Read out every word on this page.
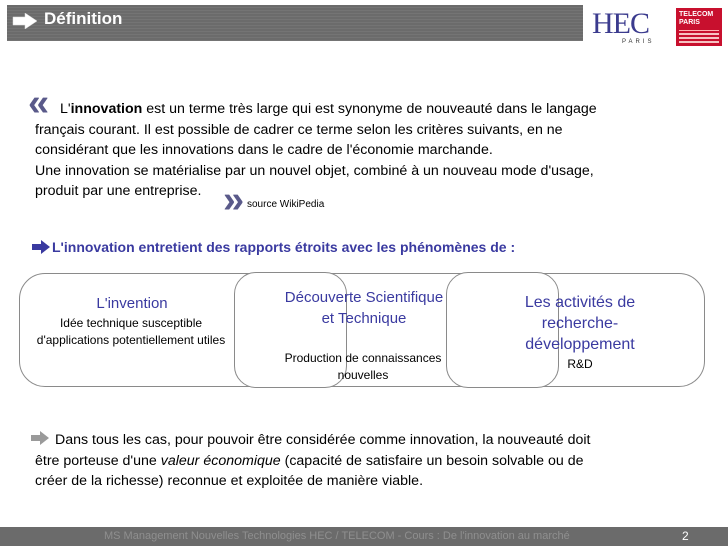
Définition	HEC
PARIS
TELECOM
PARIS
« L'innovation est un terme très large qui est synonyme de nouveauté dans le langage
français courant. Il est possible de cadrer ce terme selon les critères suivants, en ne
considérant que les innovations dans le cadre de l'économie marchande.
Une innovation se matérialise par un nouvel objet, combiné à un nouveau mode d'usage,
produit par une entreprise. » source WikiPedia
L'innovation entretient des rapports étroits avec les phénomènes de :
L'invention
Idée technique susceptible d'applications potentiellement utiles
Découverte Scientifique et Technique
Production de connaissances nouvelles
Les activités de recherche-développement
R&D
Dans tous les cas, pour pouvoir être considérée comme innovation, la nouveauté doit
être porteuse d'une valeur économique (capacité de satisfaire un besoin solvable ou de
créer de la richesse) reconnue et exploitée de manière viable.
MS Management Nouvelles Technologies HEC / TELECOM - Cours : De l'innovation au marché	2
